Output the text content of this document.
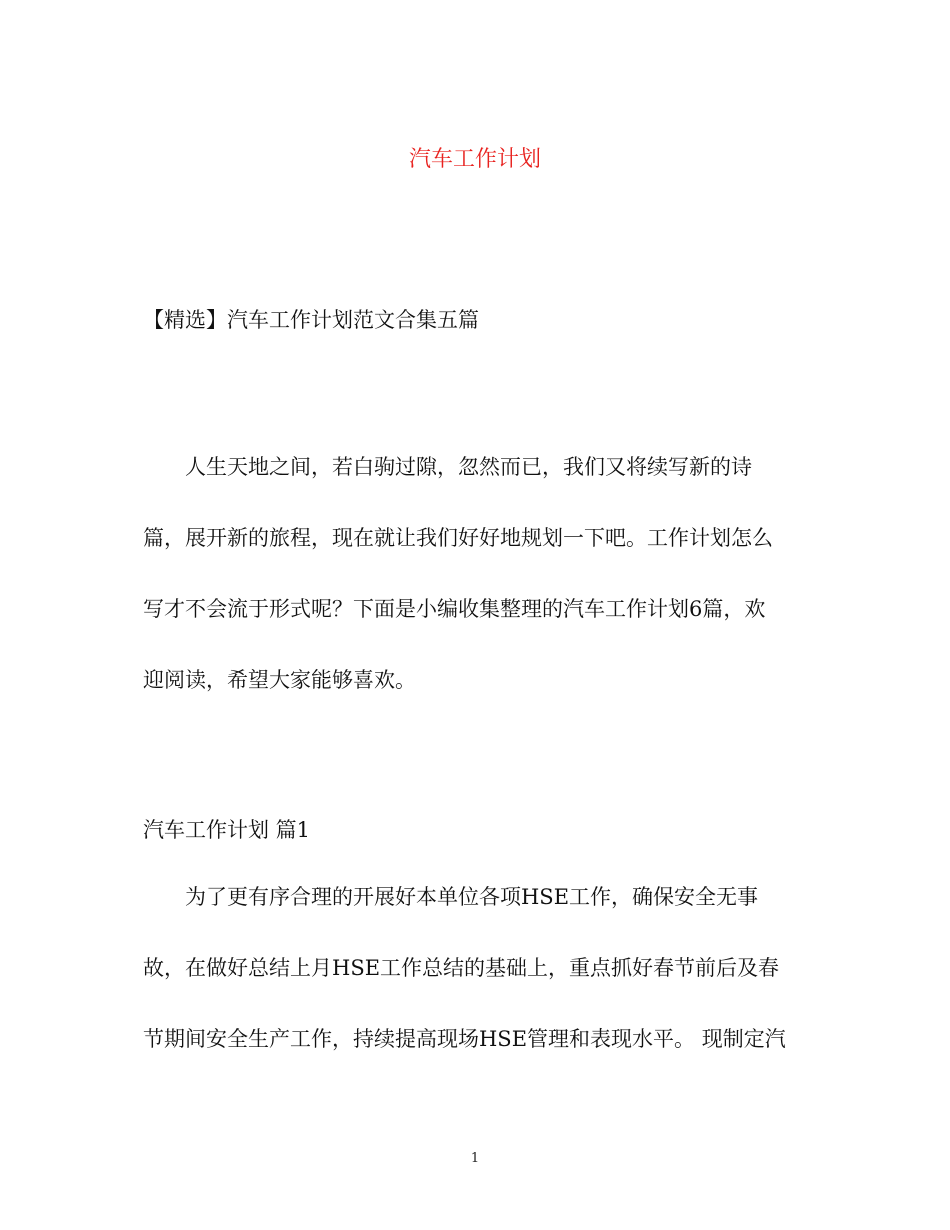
汽车工作计划
【精选】汽车工作计划范文合集五篇
人生天地之间，若白驹过隙，忽然而已，我们又将续写新的诗
篇，展开新的旅程，现在就让我们好好地规划一下吧。工作计划怎么
写才不会流于形式呢？下面是小编收集整理的汽车工作计划6篇，欢
迎阅读，希望大家能够喜欢。
汽车工作计划 篇1
为了更有序合理的开展好本单位各项HSE工作，确保安全无事
故，在做好总结上月HSE工作总结的基础上，重点抓好春节前后及春
节期间安全生产工作，持续提高现场HSE管理和表现水平。 现制定汽
1
